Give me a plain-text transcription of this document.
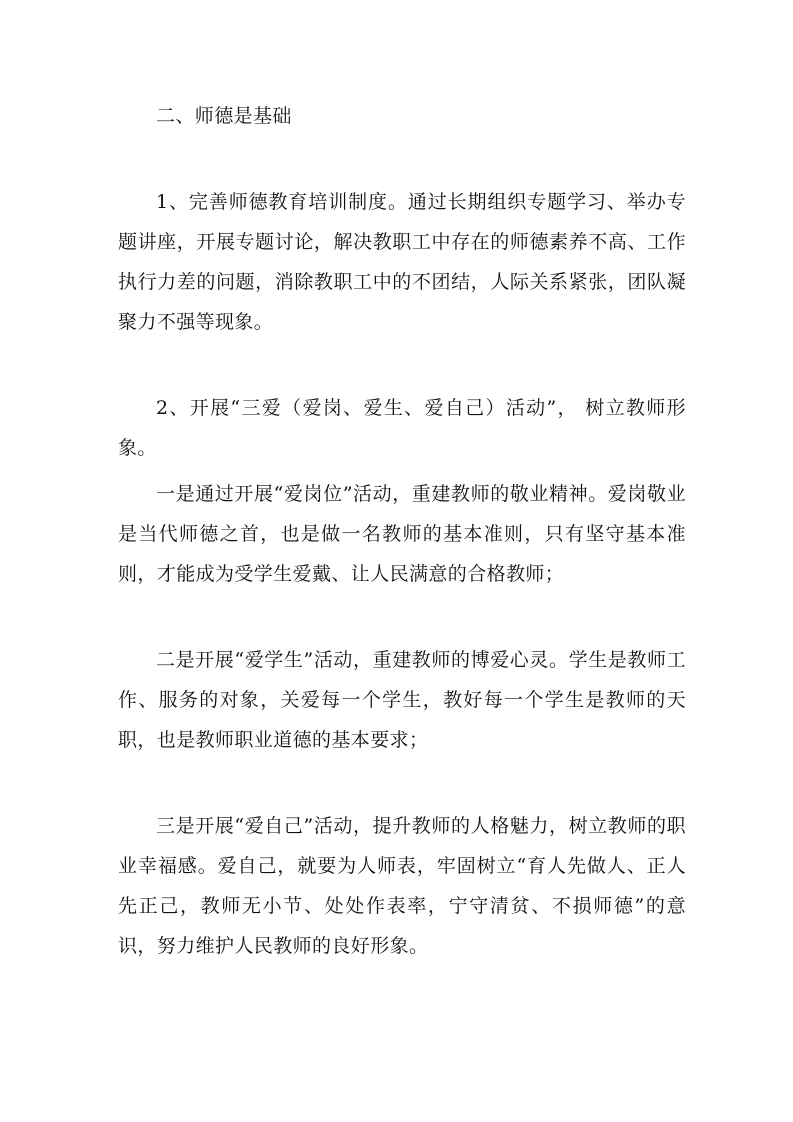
二、师德是基础

1、完善师德教育培训制度。通过长期组织专题学习、举办专题讲座，开展专题讨论，解决教职工中存在的师德素养不高、工作执行力差的问题，消除教职工中的不团结，人际关系紧张，团队凝聚力不强等现象。

2、开展“三爱（爱岗、爱生、爱自己）活动”， 树立教师形象。

一是通过开展“爱岗位”活动，重建教师的敬业精神。爱岗敬业是当代师德之首，也是做一名教师的基本准则，只有坚守基本准则，才能成为受学生爱戴、让人民满意的合格教师；

二是开展“爱学生”活动，重建教师的博爱心灵。学生是教师工作、服务的对象，关爱每一个学生，教好每一个学生是教师的天职，也是教师职业道德的基本要求；

三是开展“爱自己”活动，提升教师的人格魅力，树立教师的职业幸福感。爱自己，就要为人师表，牢固树立“育人先做人、正人先正己，教师无小节、处处作表率，宁守清贫、不损师德”的意识，努力维护人民教师的良好形象。
